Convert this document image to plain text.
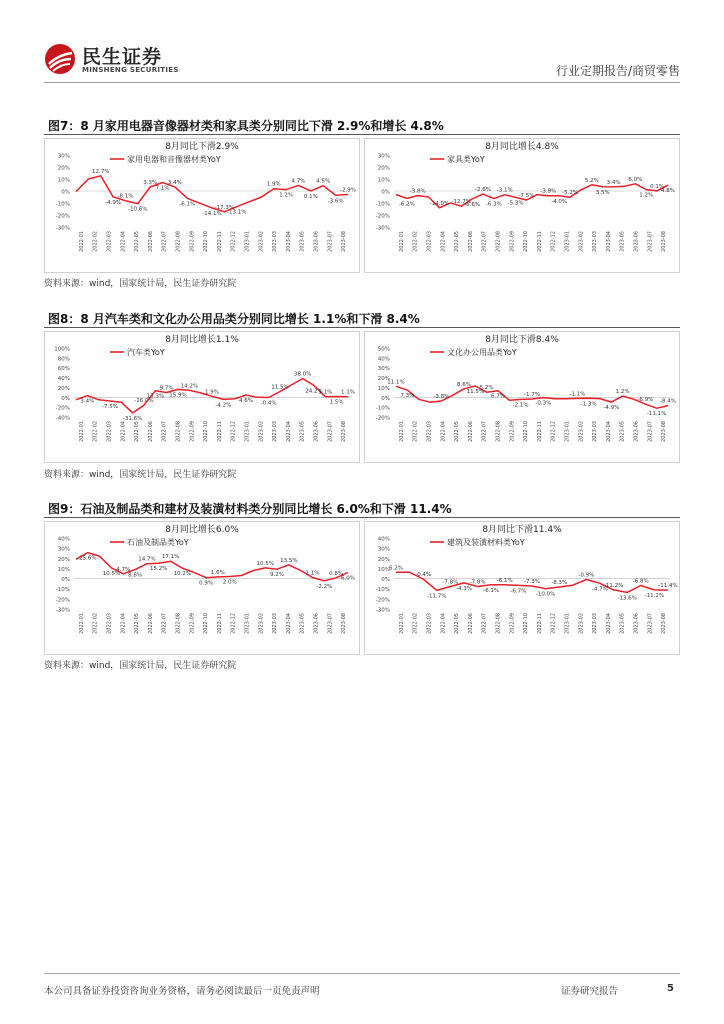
民生证券
MINSHENG SECURITIES	行业定期报告/商贸零售
图7：8 月家用电器音像器材类和家具类分别同比下滑 2.9%和增长 4.8%
8月同比下滑2.9%
30%
20%
10%
0%
-10%
-20%
-30%
2022-01 2022-02 2022-03 2022-04 2022-05 2022-06 2022-07 2022-08 2022-09 2022-10 2022-11 2022-12 2023-01 2023-02 2023-03 2023-04 2023-05 2023-06 2023-07 2023-08
12.7%
-4.9%
-8.1%
-10.6%
3.3%
7.1%
3.4%
-6.1%
-14.1%
-17.3%
-13.1%
1.9%
1.2%
4.7%
0.1%
4.5%
-3.6%
-2.9%
家用电器和音像器材类YoY
8月同比增长4.8%
30%
20%
10%
0%
-10%
-20%
-30%
2022-01 2022-02 2022-03 2022-04 2022-05 2022-06 2022-07 2022-08 2022-09 2022-10 2022-11 2022-12 2023-01 2023-02 2023-03 2023-04 2023-05 2023-06 2023-07 2023-08
-6.2%
-3.8%
-14.0% -12.7%
-6.6%
-2.6%
-6.3%
-3.1%
-5.3%
-7.5%
-3.9%
-4.0%
-5.2%
5.2%
3.5%
3.4%
6.0%
1.2%
0.1%
4.8%
家具类YoY
资料来源：wind，国家统计局，民生证券研究院
图8：8 月汽车类和文化办公用品类分别同比增长 1.1%和下滑 8.4%
8月同比增长1.1%
100%
80%
60%
40%
20%
0%
-20%
-40%
2022-01 2022-02 2022-03 2022-04 2022-05 2022-06 2022-07 2022-08 2022-09 2022-10 2022-11 2022-12 2023-01 2023-02 2023-03 2023-04 2023-05 2023-06 2023-07 2023-08
3.4%
-7.5%
-31.6%
-16.0%
13.3%
9.7%
15.9%
14.2%
1.9%
-4.2%
4.6% -0.4%
11.5%
38.0%
24.2%
1.1%
1.5%
1.1%
汽车类YoY
8月同比下滑8.4%
50%
40%
30%
20%
10%
0%
-10%
-20%
2022-01 2022-02 2022-03 2022-04 2022-05 2022-06 2022-07 2022-08 2022-09 2022-10 2022-11 2022-12 2023-01 2023-02 2023-03 2023-04 2023-05 2023-06 2023-07 2023-08
11.1%
7.3%	-3.8%
8.6%
11.5%
5.2%
6.7%
-2.1%
-1.7%
-0.3%
-1.1%
-1.3%
-4.9%
1.2%
-6.9%
-11.1%
-8.4%
文化办公用品类YoY
资料来源：wind，国家统计局，民生证券研究院
图9：石油及制品类和建材及装潢材料类分别同比增长 6.0%和下滑 11.4%
8月同比增长6.0%
40%
30%
20%
10%
0%
-10%
-20%
-30%
2022-01 2022-02 2022-03 2022-04 2022-05 2022-06 2022-07 2022-08 2022-09 2022-10 2022-11 2022-12 2023-01 2023-02 2023-03 2023-04 2023-05 2023-06 2023-07 2023-08
25.6%
10.5%
4.7%
8.8%
14.7%
15.2%
17.1%
10.2%
0.9%
1.6%
2.0%
10.5%
9.2%
13.5%
1.1%
-2.2%
0.8%
6.0%
石油及制品类YoY
8月同比下滑11.4%
40%
30%
20%
10%
0%
-10%
-20%
-30%
2022-01 2022-02 2022-03 2022-04 2022-05 2022-06 2022-07 2022-08 2022-09 2022-10 2022-11 2022-12 2023-01 2023-02 2023-03 2023-04 2023-05 2023-06 2023-07 2023-08
6.2%
-0.4%
-11.7%
-7.8%
-4.3%
-7.8%
-6.1%
-6.1%
-6.7%
-7.3%
-10.0%
-8.3%
-0.9%
-4.7%
-11.2%
-13.6%
-6.8%
-11.2%
-11.4%
建筑及装潢材料类YoY
资料来源：wind，国家统计局，民生证券研究院
本公司具备证券投资咨询业务资格，请务必阅读最后一页免责声明	证券研究报告	5
